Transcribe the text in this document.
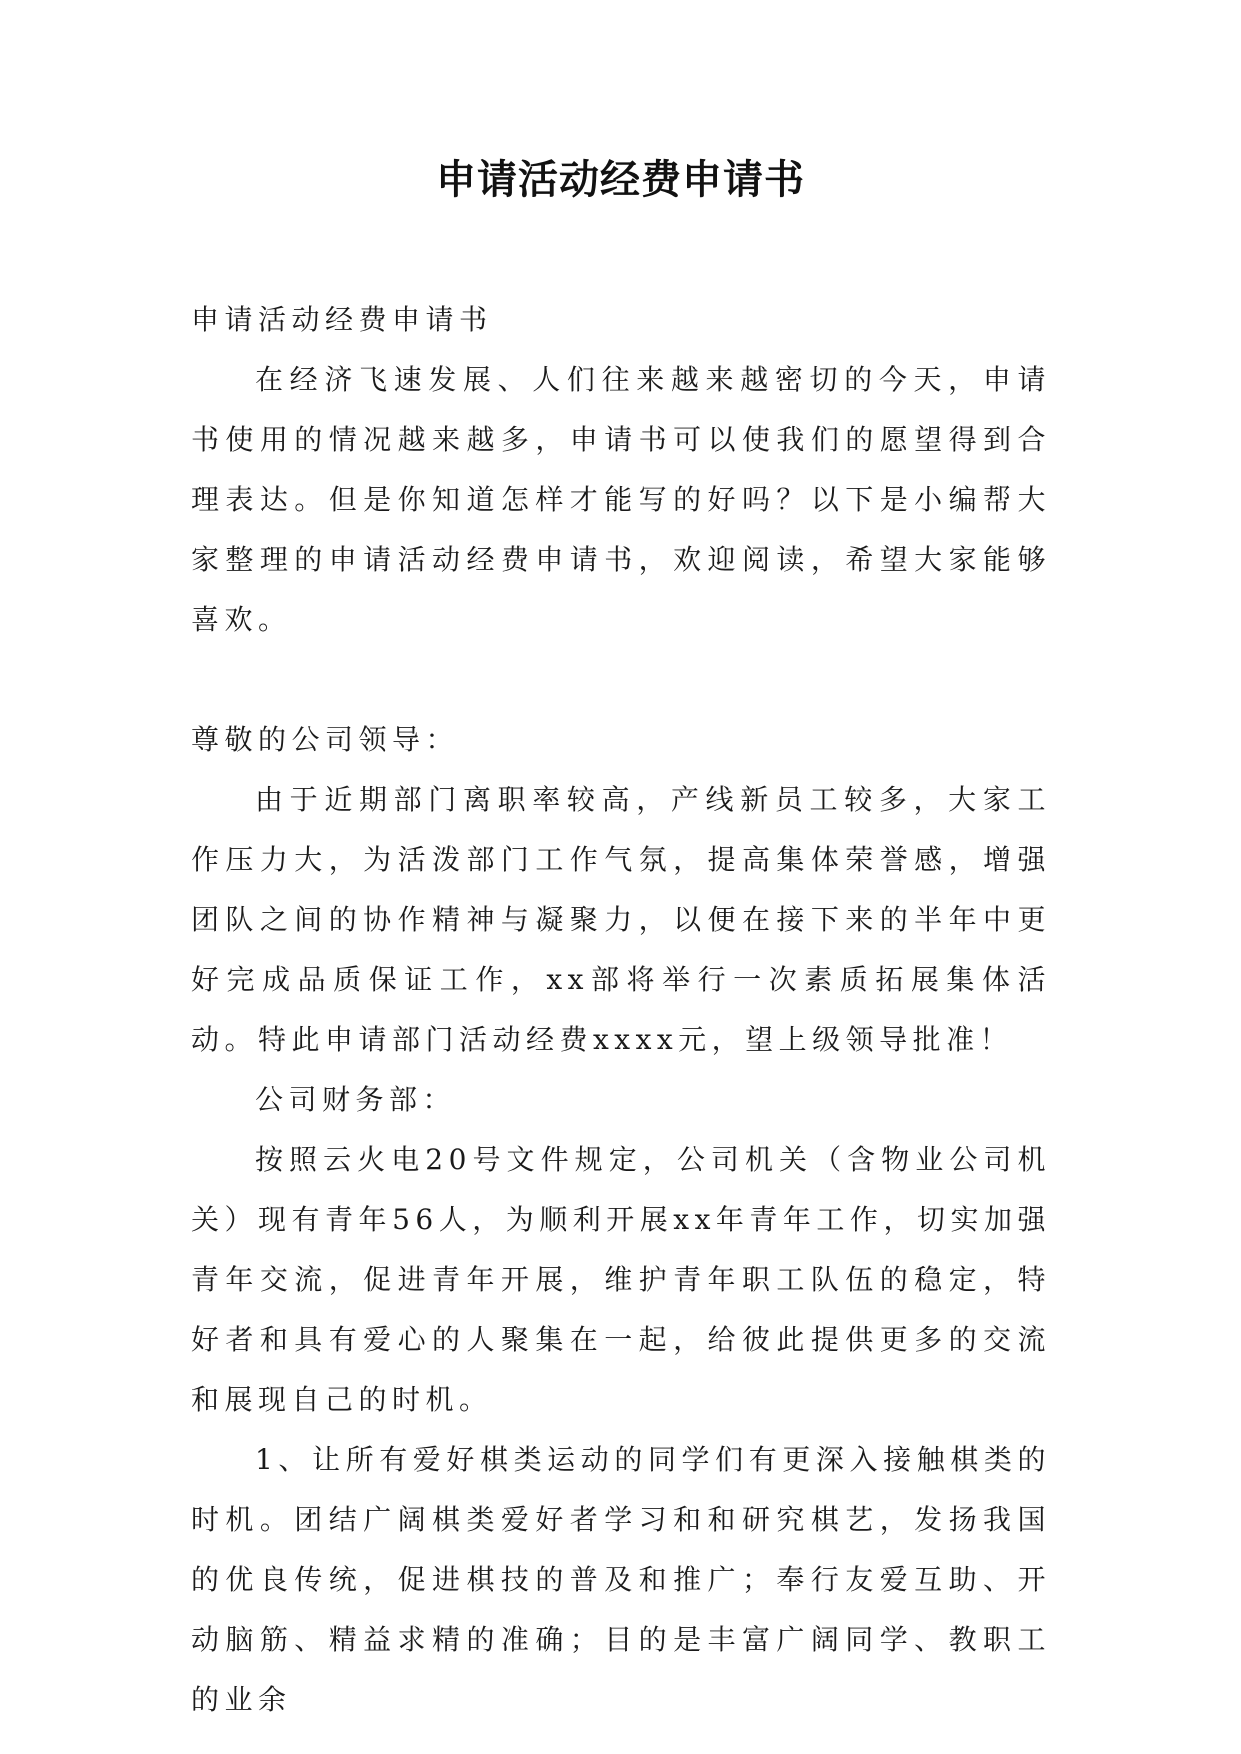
申请活动经费申请书

申请活动经费申请书

在经济飞速发展、人们往来越来越密切的今天，申请书使用的情况越来越多，申请书可以使我们的愿望得到合理表达。但是你知道怎样才能写的好吗？以下是小编帮大家整理的申请活动经费申请书，欢迎阅读，希望大家能够喜欢。

尊敬的公司领导：

由于近期部门离职率较高，产线新员工较多，大家工作压力大，为活泼部门工作气氛，提高集体荣誉感，增强团队之间的协作精神与凝聚力，以便在接下来的半年中更好完成品质保证工作，xx部将举行一次素质拓展集体活动。特此申请部门活动经费xxxx元，望上级领导批准！

公司财务部：

按照云火电20号文件规定，公司机关（含物业公司机关）现有青年56人，为顺利开展xx年青年工作，切实加强青年交流，促进青年开展，维护青年职工队伍的稳定，特好者和具有爱心的人聚集在一起，给彼此提供更多的交流和展现自己的时机。

1、让所有爱好棋类运动的同学们有更深入接触棋类的时机。团结广阔棋类爱好者学习和和研究棋艺，发扬我国的优良传统，促进棋技的普及和推广；奉行友爱互助、开动脑筋、精益求精的准确；目的是丰富广阔同学、教职工的业余
